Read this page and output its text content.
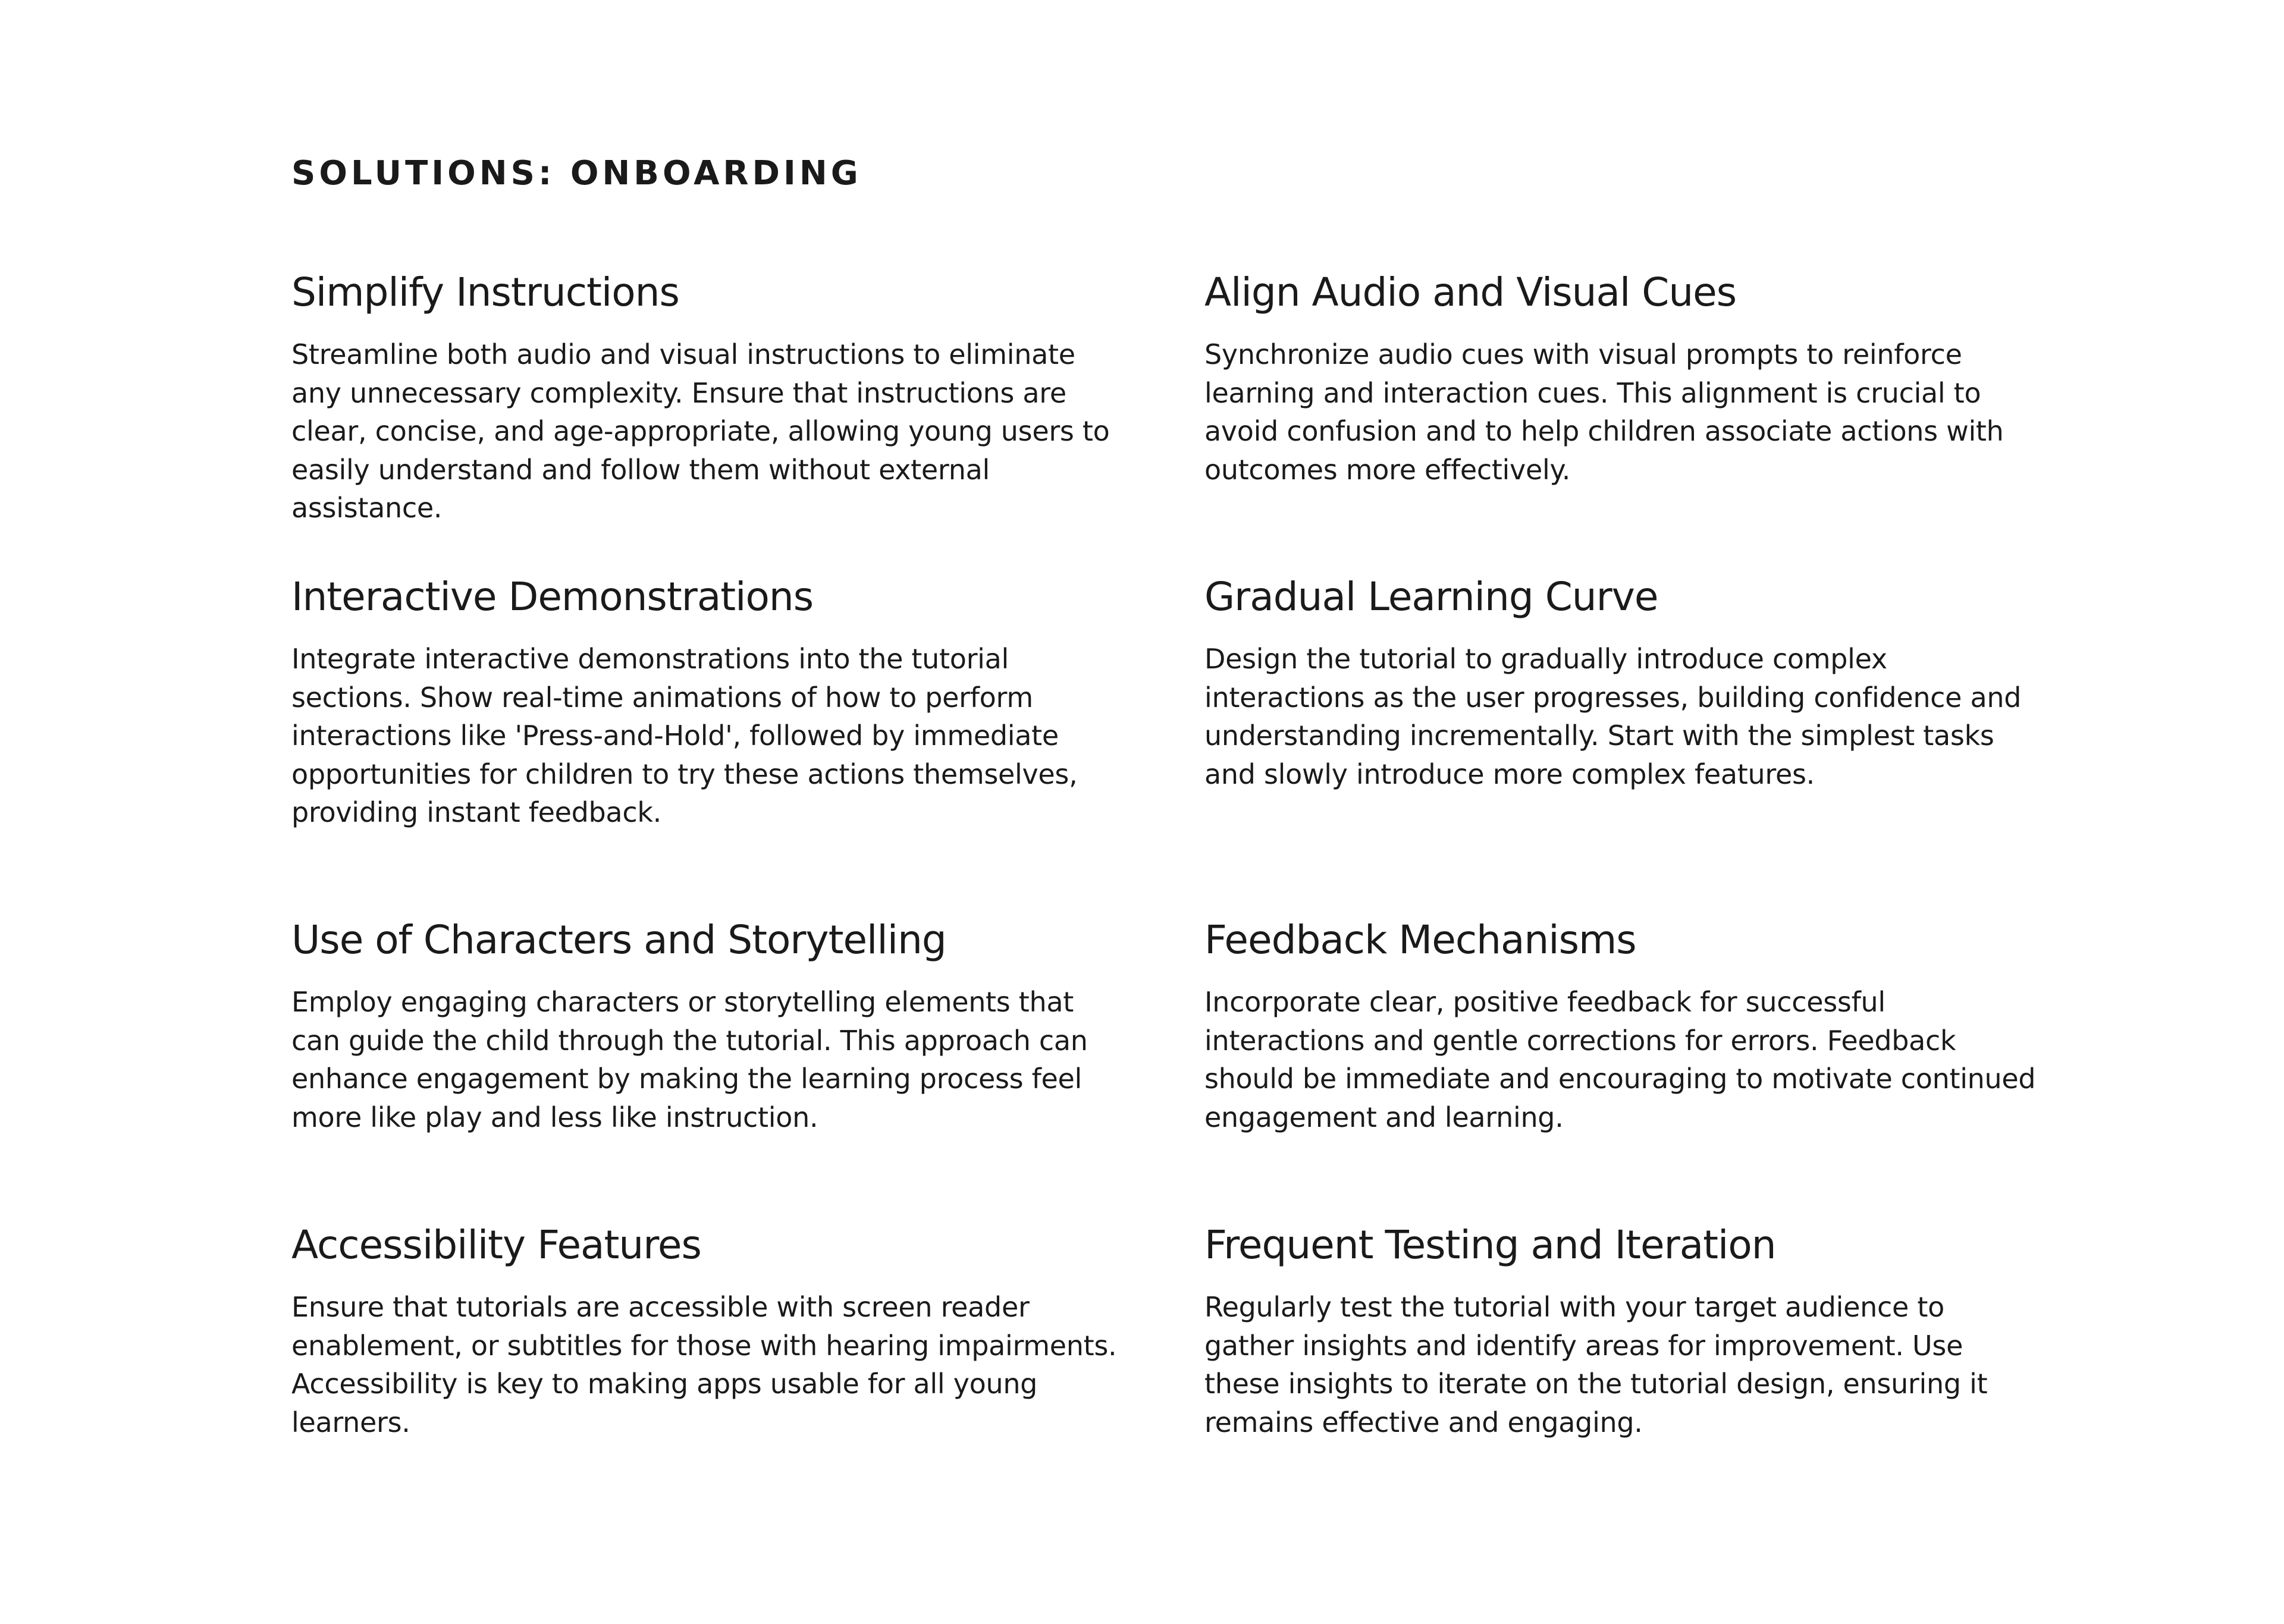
SOLUTIONS: ONBOARDING
Simplify Instructions

Streamline both audio and visual instructions to eliminate any unnecessary complexity. Ensure that instructions are clear, concise, and age-appropriate, allowing young users to easily understand and follow them without external assistance.

Align Audio and Visual Cues

Synchronize audio cues with visual prompts to reinforce learning and interaction cues. This alignment is crucial to avoid confusion and to help children associate actions with outcomes more effectively.

Interactive Demonstrations

Integrate interactive demonstrations into the tutorial sections. Show real-time animations of how to perform interactions like 'Press-and-Hold', followed by immediate opportunities for children to try these actions themselves, providing instant feedback.

Gradual Learning Curve

Design the tutorial to gradually introduce complex interactions as the user progresses, building confidence and understanding incrementally. Start with the simplest tasks and slowly introduce more complex features.

Use of Characters and Storytelling

Employ engaging characters or storytelling elements that can guide the child through the tutorial. This approach can enhance engagement by making the learning process feel more like play and less like instruction.

Feedback Mechanisms

Incorporate clear, positive feedback for successful interactions and gentle corrections for errors. Feedback should be immediate and encouraging to motivate continued engagement and learning.

Accessibility Features

Ensure that tutorials are accessible with screen reader enablement, or subtitles for those with hearing impairments. Accessibility is key to making apps usable for all young learners.

Frequent Testing and Iteration

Regularly test the tutorial with your target audience to gather insights and identify areas for improvement. Use these insights to iterate on the tutorial design, ensuring it remains effective and engaging.
